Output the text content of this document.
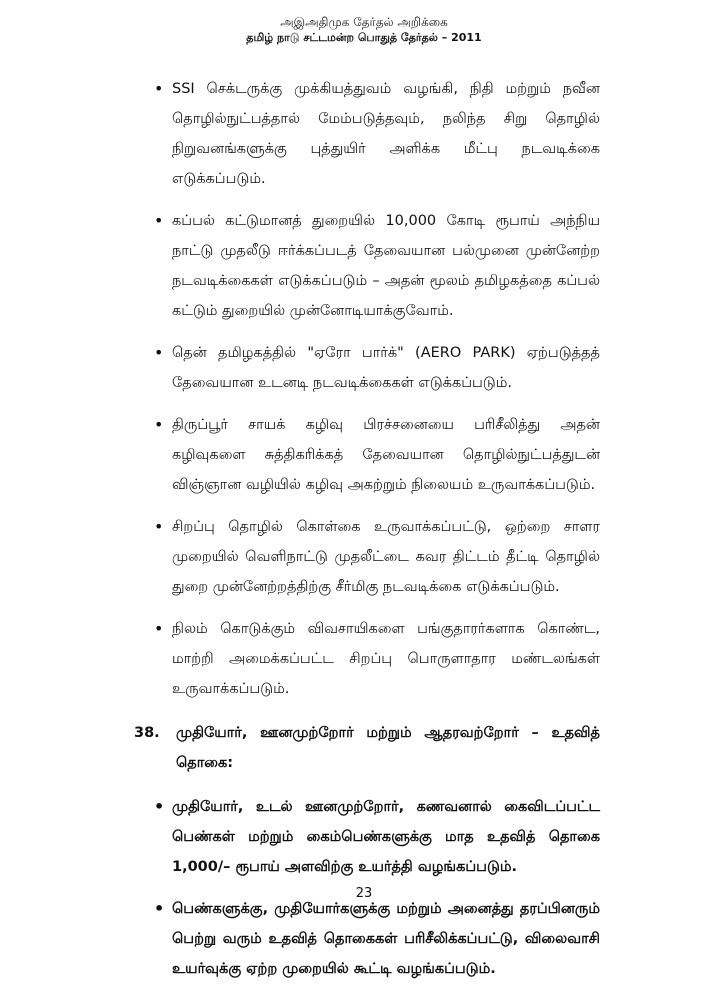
அஇஅதிமுக தேர்தல் அறிக்கை
தமிழ் நாடு சட்டமன்ற பொதுத் தேர்தல் – 2011
• SSI செக்டருக்கு முக்கியத்துவம் வழங்கி, நிதி மற்றும் நவீன தொழில்நுட்பத்தால் மேம்படுத்தவும், நலிந்த சிறு தொழில் நிறுவனங்களுக்கு புத்துயிர் அளிக்க மீட்பு நடவடிக்கை எடுக்கப்படும்.
• கப்பல் கட்டுமானத் துறையில் 10,000 கோடி ரூபாய் அந்நிய நாட்டு முதலீடு ஈர்க்கப்படத் தேவையான பல்முனை முன்னேற்ற நடவடிக்கைகள் எடுக்கப்படும் – அதன் மூலம் தமிழகத்தை கப்பல் கட்டும் துறையில் முன்னோடியாக்குவோம்.
• தென் தமிழகத்தில் "ஏரோ பார்க்" (AERO PARK) ஏற்படுத்தத் தேவையான உடனடி நடவடிக்கைகள் எடுக்கப்படும்.
• திருப்பூர் சாயக் கழிவு பிரச்சனையை பரிசீலித்து அதன் கழிவுகளை சுத்திகரிக்கத் தேவையான தொழில்நுட்பத்துடன் விஞ்ஞான வழியில் கழிவு அகற்றும் நிலையம் உருவாக்கப்படும்.
• சிறப்பு தொழில் கொள்கை உருவாக்கப்பட்டு, ஒற்றை சாளர முறையில் வெளிநாட்டு முதலீட்டை கவர திட்டம் தீட்டி தொழில் துறை முன்னேற்றத்திற்கு சீர்மிகு நடவடிக்கை எடுக்கப்படும்.
• நிலம் கொடுக்கும் விவசாயிகளை பங்குதாரர்களாக கொண்ட, மாற்றி அமைக்கப்பட்ட சிறப்பு பொருளாதார மண்டலங்கள் உருவாக்கப்படும்.
38. முதியோர், ஊனமுற்றோர் மற்றும் ஆதரவற்றோர் – உதவித் தொகை:
• முதியோர், உடல் ஊனமுற்றோர், கணவனால் கைவிடப்பட்ட பெண்கள் மற்றும் கைம்பெண்களுக்கு மாத உதவித் தொகை 1,000/– ரூபாய் அளவிற்கு உயர்த்தி வழங்கப்படும்.
• பெண்களுக்கு, முதியோர்களுக்கு மற்றும் அனைத்து தரப்பினரும் பெற்று வரும் உதவித் தொகைகள் பரிசீலிக்கப்பட்டு, விலைவாசி உயர்வுக்கு ஏற்ற முறையில் கூட்டி வழங்கப்படும்.
23
